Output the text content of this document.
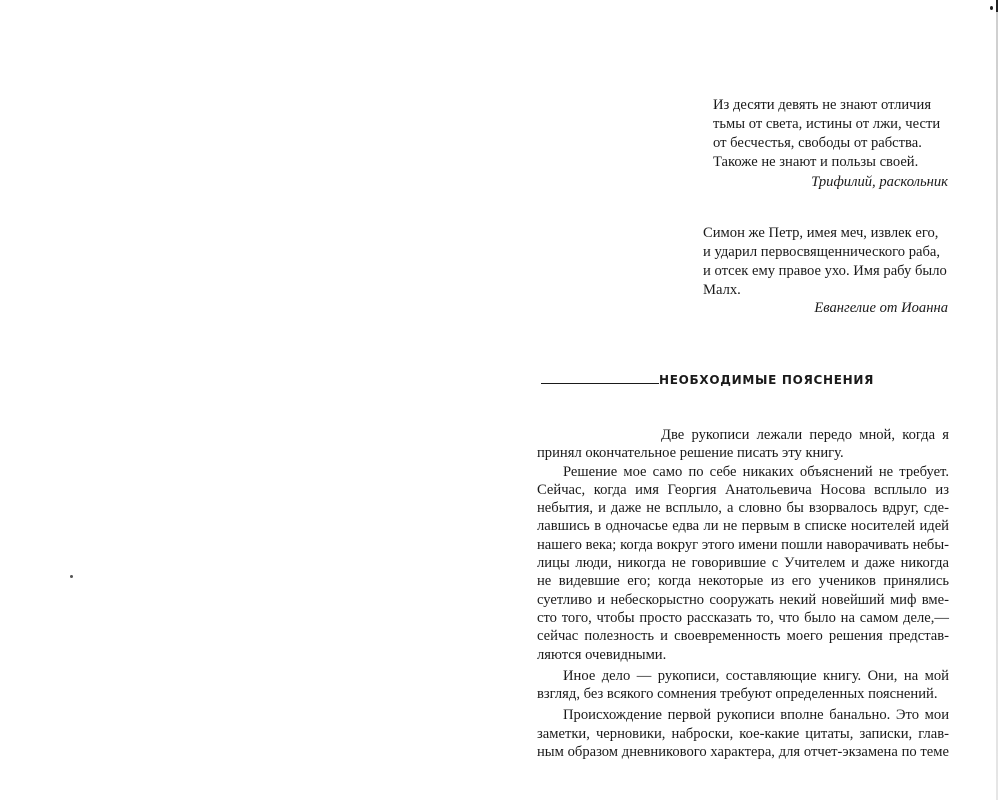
Из десяти девять не знают отличия
тьмы от света, истины от лжи, чести
от бесчестья, свободы от рабства.
Такоже не знают и пользы своей.
Трифилий, раскольник
Симон же Петр, имея меч, извлек его,
и ударил первосвященнического раба,
и отсек ему правое ухо. Имя рабу было
Малх.
Евангелие от Иоанна
НЕОБХОДИМЫЕ ПОЯСНЕНИЯ
Две рукописи лежали передо мной, когда я
принял окончательное решение писать эту книгу.
Решение мое само по себе никаких объяснений не требует.
Сейчас, когда имя Георгия Анатольевича Носова всплыло из
небытия, и даже не всплыло, а словно бы взорвалось вдруг, сде-
лавшись в одночасье едва ли не первым в списке носителей идей
нашего века; когда вокруг этого имени пошли наворачивать небы-
лицы люди, никогда не говорившие с Учителем и даже никогда
не видевшие его; когда некоторые из его учеников принялись
суетливо и небескорыстно сооружать некий новейший миф вме-
сто того, чтобы просто рассказать то, что было на самом деле,—
сейчас полезность и своевременность моего решения представ-
ляются очевидными.
Иное дело — рукописи, составляющие книгу. Они, на мой
взгляд, без всякого сомнения требуют определенных пояснений.
Происхождение первой рукописи вполне банально. Это мои
заметки, черновики, наброски, кое-какие цитаты, записки, глав-
ным образом дневникового характера, для отчет-экзамена по теме
